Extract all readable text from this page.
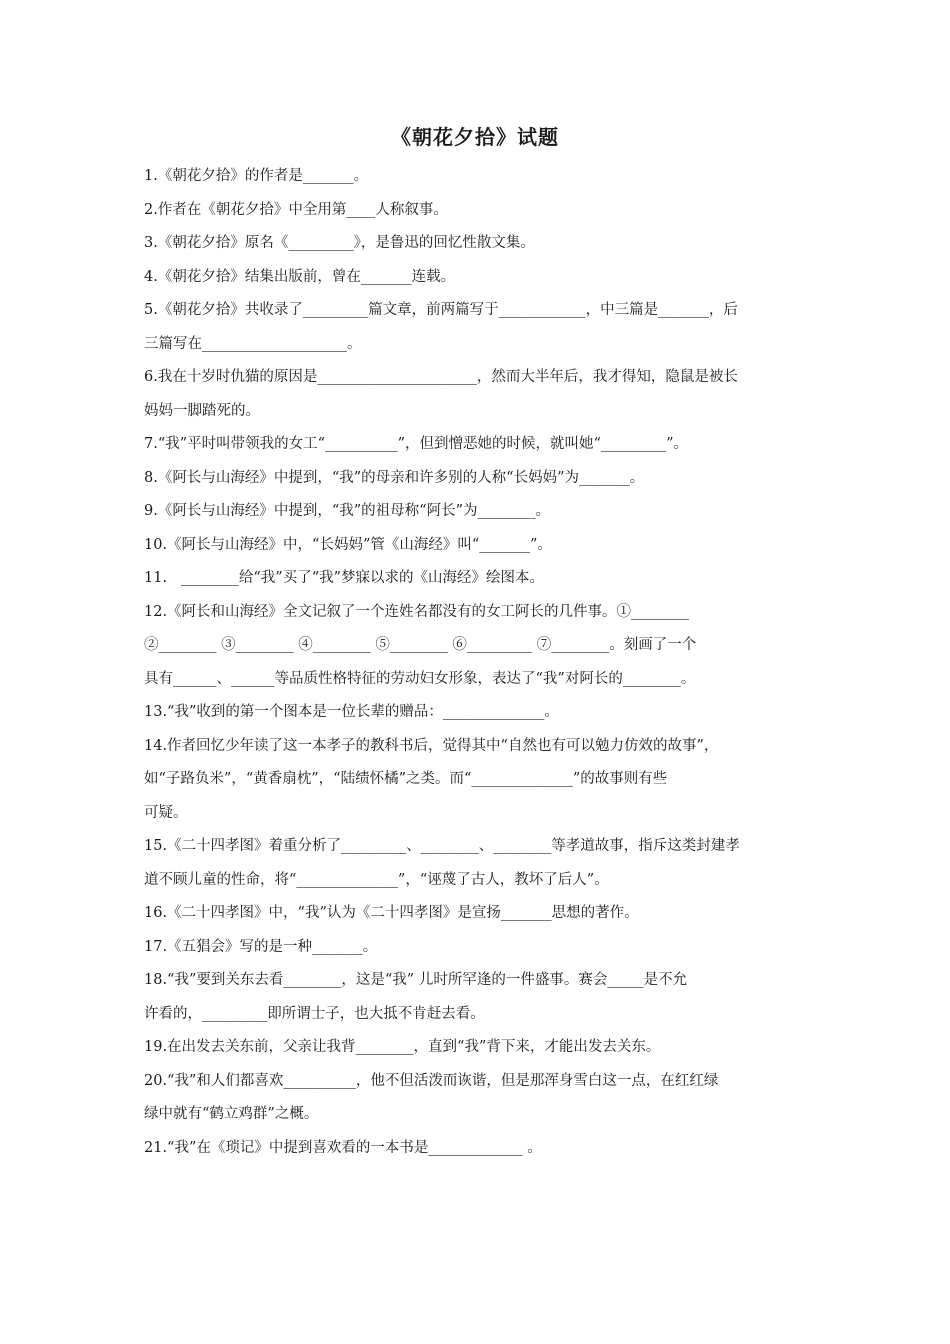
《朝花夕拾》试题
1.《朝花夕拾》的作者是_______。
2.作者在《朝花夕拾》中全用第____人称叙事。
3.《朝花夕拾》原名《_________》，是鲁迅的回忆性散文集。
4.《朝花夕拾》结集出版前，曾在_______连载。
5.《朝花夕拾》共收录了_________篇文章，前两篇写于____________，中三篇是_______，后
三篇写在____________________。
6.我在十岁时仇猫的原因是______________________，然而大半年后，我才得知，隐鼠是被长
妈妈一脚踏死的。
7.“我”平时叫带领我的女工“__________”，但到憎恶她的时候，就叫她“_________”。
8.《阿长与山海经》中提到，“我”的母亲和许多别的人称“长妈妈”为_______。
9.《阿长与山海经》中提到，“我”的祖母称“阿长”为________。
10.《阿长与山海经》中，“长妈妈”管《山海经》叫“_______”。
11.   ________给“我”买了“我”梦寐以求的《山海经》绘图本。
12.《阿长和山海经》全文记叙了一个连姓名都没有的女工阿长的几件事。①________
②________ ③________ ④________ ⑤________ ⑥_________ ⑦________。刻画了一个
具有______、______等品质性格特征的劳动妇女形象，表达了“我”对阿长的________。
13.“我”收到的第一个图本是一位长辈的赠品：______________。
14.作者回忆少年读了这一本孝子的教科书后，觉得其中“自然也有可以勉力仿效的故事”，
如“子路负米”，“黄香扇枕”，“陆绩怀橘”之类。而“______________”的故事则有些
可疑。
15.《二十四孝图》着重分析了_________、________、________等孝道故事，指斥这类封建孝
道不顾儿童的性命，将“______________”，“诬蔑了古人，教坏了后人”。
16.《二十四孝图》中，“我”认为《二十四孝图》是宣扬_______思想的著作。
17.《五猖会》写的是一种_______。
18.“我”要到关东去看________，这是“我” 儿时所罕逢的一件盛事。赛会_____是不允
许看的，_________即所谓士子，也大抵不肯赶去看。
19.在出发去关东前，父亲让我背________，直到“我”背下来，才能出发去关东。
20.“我”和人们都喜欢__________，他不但活泼而诙谐，但是那浑身雪白这一点，在红红绿
绿中就有“鹤立鸡群”之概。
21.“我”在《琐记》中提到喜欢看的一本书是_____________ 。
